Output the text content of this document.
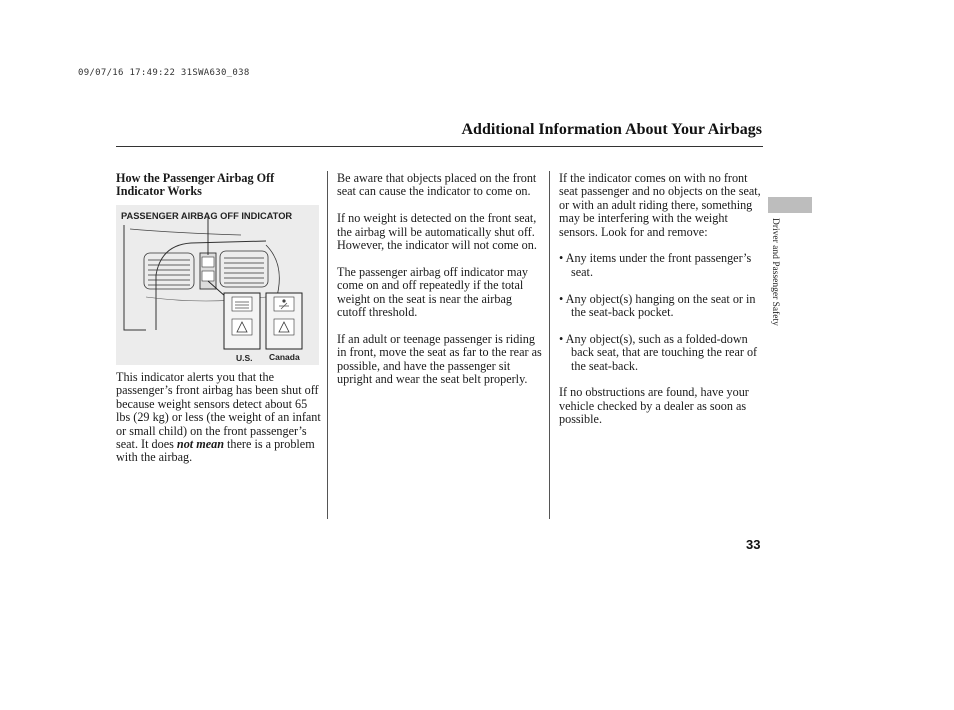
09/07/16 17:49:22 31SWA630_038
Additional Information About Your Airbags
How the Passenger Airbag Off Indicator Works
PASSENGER AIRBAG OFF INDICATOR
U.S. Canada

This indicator alerts you that the passenger’s front airbag has been shut off because weight sensors detect about 65 lbs (29 kg) or less (the weight of an infant or small child) on the front passenger’s seat. It does not mean there is a problem with the airbag.

Be aware that objects placed on the front seat can cause the indicator to come on.

If no weight is detected on the front seat, the airbag will be automatically shut off. However, the indicator will not come on.

The passenger airbag off indicator may come on and off repeatedly if the total weight on the seat is near the airbag cutoff threshold.

If an adult or teenage passenger is riding in front, move the seat as far to the rear as possible, and have the passenger sit upright and wear the seat belt properly.

If the indicator comes on with no front seat passenger and no objects on the seat, or with an adult riding there, something may be interfering with the weight sensors. Look for and remove:

• Any items under the front passenger’s seat.

• Any object(s) hanging on the seat or in the seat-back pocket.

• Any object(s), such as a folded-down back seat, that are touching the rear of the seat-back.

If no obstructions are found, have your vehicle checked by a dealer as soon as possible.

Driver and Passenger Safety
33
